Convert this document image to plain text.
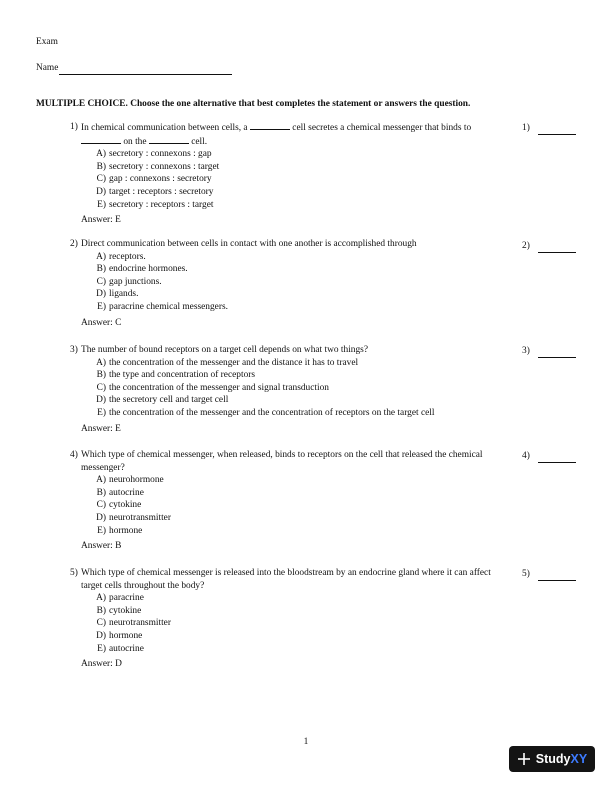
Exam
Name
MULTIPLE CHOICE. Choose the one alternative that best completes the statement or answers the question.
1) In chemical communication between cells, a	cell secretes a chemical messenger that binds to  on the	cell.
A) secretory : connexons : gap
B) secretory : connexons : target
C) gap : connexons : secretory
D) target : receptors : secretory
E) secretory : receptors : target
Answer: E
1)
2) Direct communication between cells in contact with one another is accomplished through
A) receptors.
B) endocrine hormones.
C) gap junctions.
D) ligands.
E) paracrine chemical messengers.
Answer: C
2)
3) The number of bound receptors on a target cell depends on what two things?
A) the concentration of the messenger and the distance it has to travel
B) the type and concentration of receptors
C) the concentration of the messenger and signal transduction
D) the secretory cell and target cell
E) the concentration of the messenger and the concentration of receptors on the target cell
Answer: E
3)
4) Which type of chemical messenger, when released, binds to receptors on the cell that released the chemical messenger?
A) neurohormone
B) autocrine
C) cytokine
D) neurotransmitter
E) hormone
Answer: B
4)
5) Which type of chemical messenger is released into the bloodstream by an endocrine gland where it can affect target cells throughout the body?
A) paracrine
B) cytokine
C) neurotransmitter
D) hormone
E) autocrine
Answer: D
5)
1
Study XY
